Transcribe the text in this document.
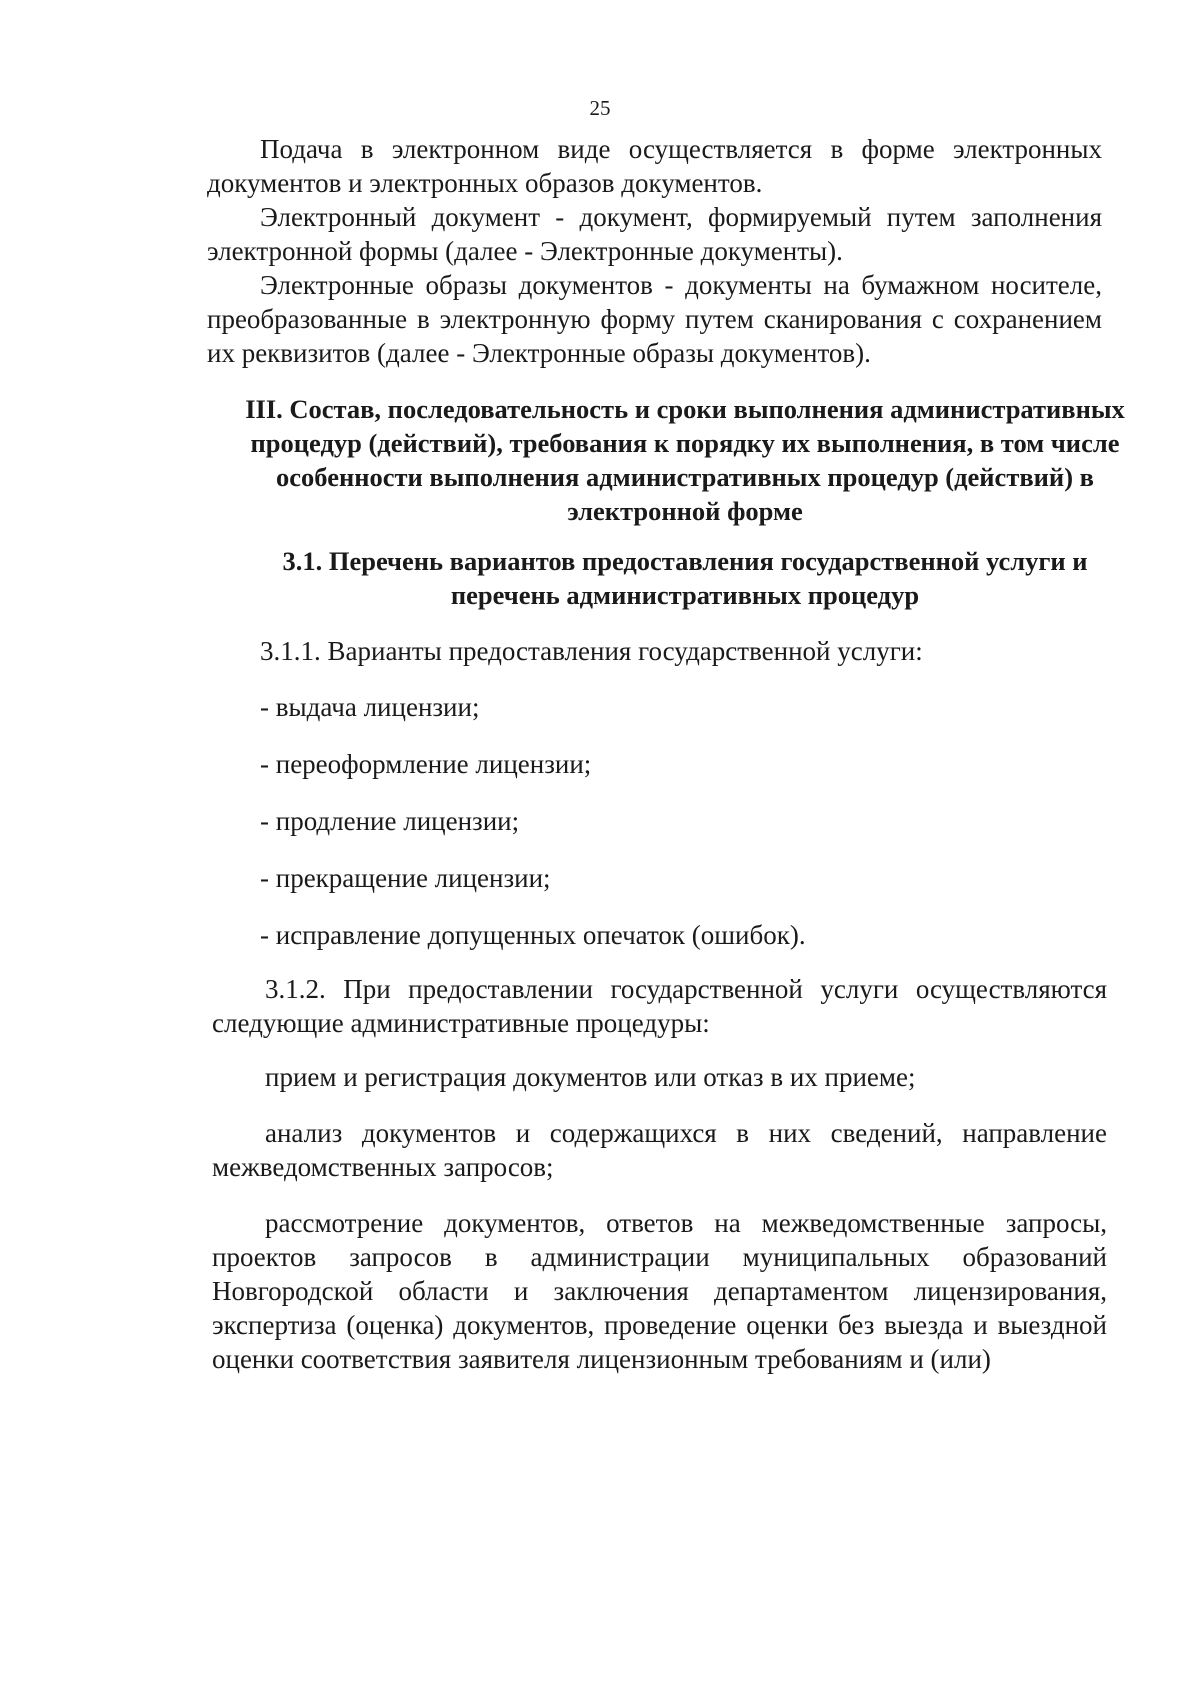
25

Подача в электронном виде осуществляется в форме электронных документов и электронных образов документов.

Электронный документ - документ, формируемый путем заполнения электронной формы (далее - Электронные документы).

Электронные образы документов - документы на бумажном носителе, преобразованные в электронную форму путем сканирования с сохранением их реквизитов (далее - Электронные образы документов).

III. Состав, последовательность и сроки выполнения административных процедур (действий), требования к порядку их выполнения, в том числе особенности выполнения административных процедур (действий) в электронной форме
3.1. Перечень вариантов предоставления государственной услуги и перечень административных процедур

3.1.1. Варианты предоставления государственной услуги:

- выдача лицензии;

- переоформление лицензии;

- продление лицензии;

- прекращение лицензии;

- исправление допущенных опечаток (ошибок).

3.1.2. При предоставлении государственной услуги осуществляются следующие административные процедуры:

прием и регистрация документов или отказ в их приеме;

анализ документов и содержащихся в них сведений, направление межведомственных запросов;

рассмотрение документов, ответов на межведомственные запросы, проектов запросов в администрации муниципальных образований Новгородской области и заключения департаментом лицензирования, экспертиза (оценка) документов, проведение оценки без выезда и выездной оценки соответствия заявителя лицензионным требованиям и (или)
